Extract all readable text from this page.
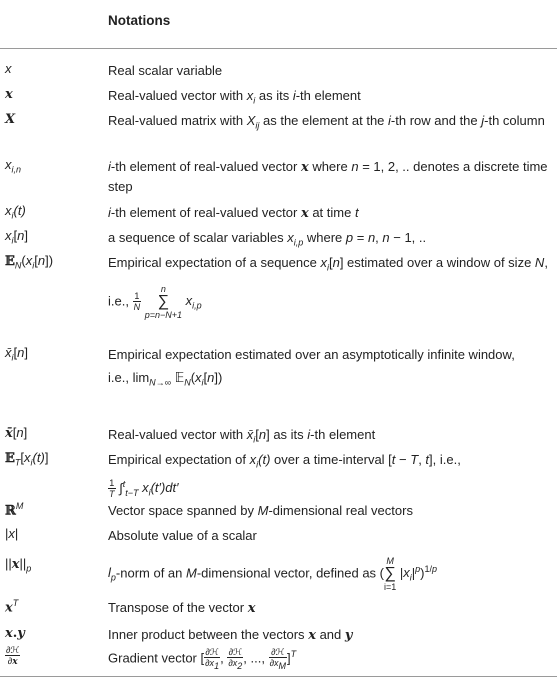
Notations
x	Real scalar variable
x	Real-valued vector with $x_i$ as its i-th element
X	Real-valued matrix with $X_{ij}$ as the element at the i-th row and the j-th column
$x_{i,n}$	i-th element of real-valued vector x where n = 1, 2, .. denotes a discrete time step
$x_i(t)$	i-th element of real-valued vector x at time t
$x_i[n]$	a sequence of scalar variables $x_{i,p}$ where p = n, n − 1, ..
$𝔼_N(x_i[n])$	Empirical expectation of a sequence $x_i[n]$ estimated over a window of size N,
i.e., $\frac{1}{N}$
n
∑
p=n−N+1 $x_{i,p}$
$x̄_i[n]$	Empirical expectation estimated over an asymptotically infinite window,
i.e., $\lim_{N\to\infty}$ $𝔼_N(x_i[n])$
x̄[n]	Real-valued vector with $x̄_i[n]$ as its i-th element
$𝔼_T[x_i(t)]$	Empirical expectation of $x_i(t)$ over a time-interval [t − T, t], i.e.,

$\frac{1}{T} \int^t_{t-T}$ $x_i(t')dt'$
ℝ$^M$	Vector space spanned by M-dimensional real vectors
|x|	Absolute value of a scalar
$||x||_p$	$l_p$-norm of an M-dimensional vector, defined as (M
∑
i=1 $|x_i|^p)^{1/p}$
$x^T$	Transpose of the vector x
x.y	Inner product between the vectors x and y
$\frac{\text{∂ℋ}}{\partial x}$	Gradient vector [ $\frac{\text{∂ℋ}}{\partial x_1}$ , $\frac{\text{∂ℋ}}{\partial x_2}$ , ..., $\frac{\text{∂ℋ}}{\partial x_M} ]^T$
